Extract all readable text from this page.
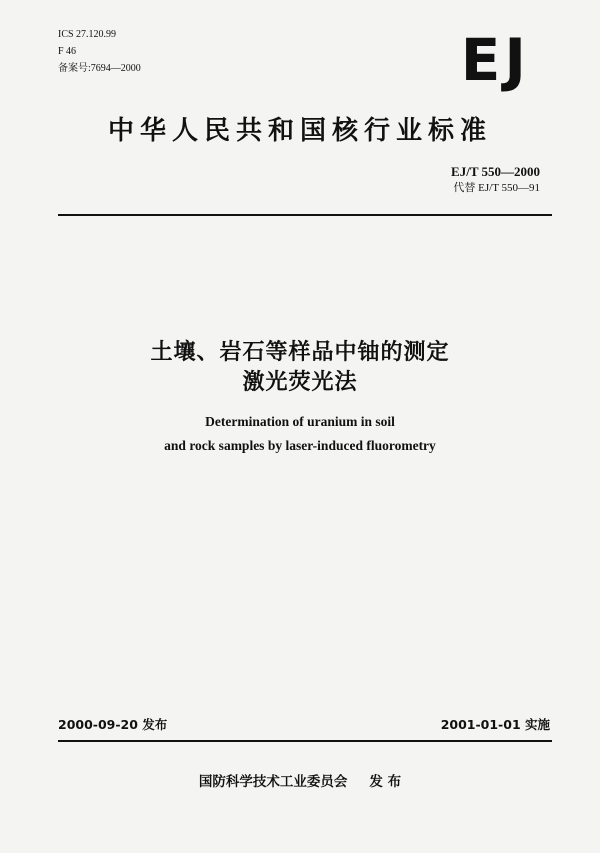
ICS 27.120.99
F 46
备案号:7694—2000	EJ
中华人民共和国核行业标准
EJ/T 550—2000
代替 EJ/T 550—91
土壤、岩石等样品中铀的测定
激光荧光法
Determination of uranium in soil
and rock samples by laser-induced fluorometry
2000-09-20 发布	2001-01-01 实施
国防科学技术工业委员会 发 布
